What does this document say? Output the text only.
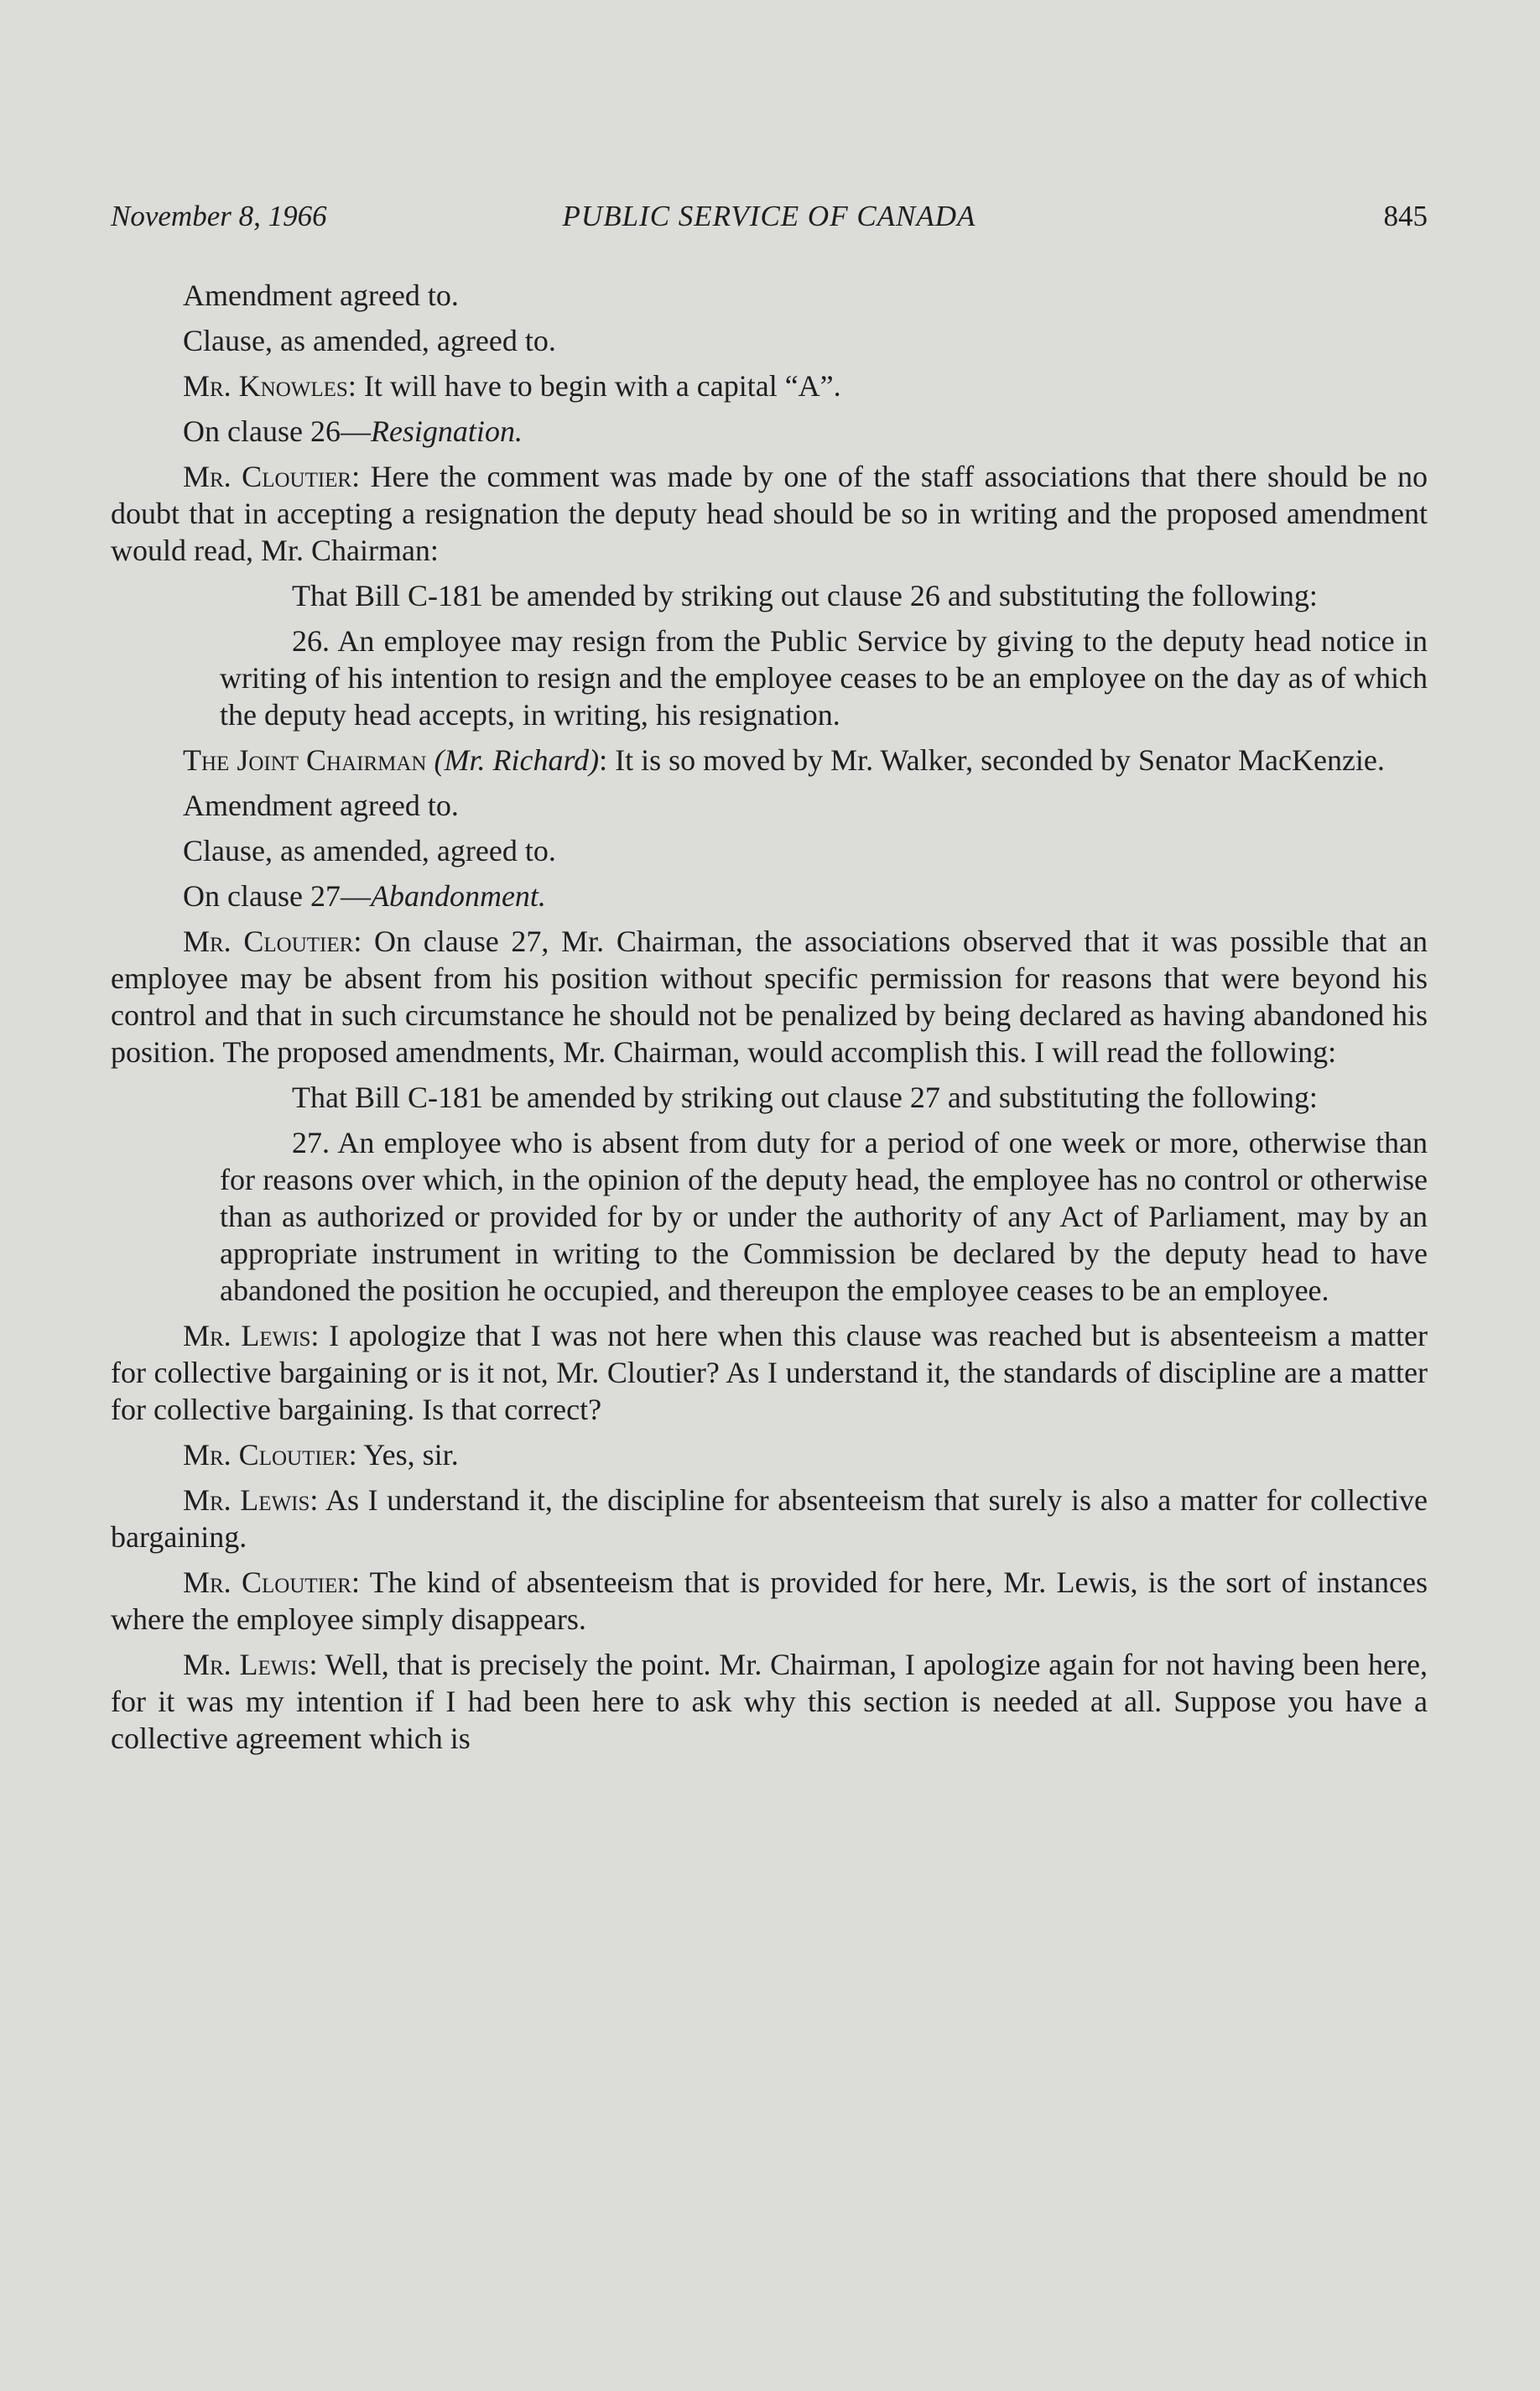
November 8, 1966	PUBLIC SERVICE OF CANADA	845

Amendment agreed to.

Clause, as amended, agreed to.

Mr. Knowles: It will have to begin with a capital “A”.

On clause 26—Resignation.

Mr. Cloutier: Here the comment was made by one of the staff associations that there should be no doubt that in accepting a resignation the deputy head should be so in writing and the proposed amendment would read, Mr. Chairman:

That Bill C-181 be amended by striking out clause 26 and substituting the following:

26. An employee may resign from the Public Service by giving to the deputy head notice in writing of his intention to resign and the employee ceases to be an employee on the day as of which the deputy head accepts, in writing, his resignation.

The Joint Chairman (Mr. Richard): It is so moved by Mr. Walker, seconded by Senator MacKenzie.

Amendment agreed to.

Clause, as amended, agreed to.

On clause 27—Abandonment.

Mr. Cloutier: On clause 27, Mr. Chairman, the associations observed that it was possible that an employee may be absent from his position without specific permission for reasons that were beyond his control and that in such circumstance he should not be penalized by being declared as having abandoned his position. The proposed amendments, Mr. Chairman, would accomplish this. I will read the following:

That Bill C-181 be amended by striking out clause 27 and substituting the following:

27. An employee who is absent from duty for a period of one week or more, otherwise than for reasons over which, in the opinion of the deputy head, the employee has no control or otherwise than as authorized or provided for by or under the authority of any Act of Parliament, may by an appropriate instrument in writing to the Commission be declared by the deputy head to have abandoned the position he occupied, and thereupon the employee ceases to be an employee.

Mr. Lewis: I apologize that I was not here when this clause was reached but is absenteeism a matter for collective bargaining or is it not, Mr. Cloutier? As I understand it, the standards of discipline are a matter for collective bargaining. Is that correct?

Mr. Cloutier: Yes, sir.

Mr. Lewis: As I understand it, the discipline for absenteeism that surely is also a matter for collective bargaining.

Mr. Cloutier: The kind of absenteeism that is provided for here, Mr. Lewis, is the sort of instances where the employee simply disappears.

Mr. Lewis: Well, that is precisely the point. Mr. Chairman, I apologize again for not having been here, for it was my intention if I had been here to ask why this section is needed at all. Suppose you have a collective agreement which is
